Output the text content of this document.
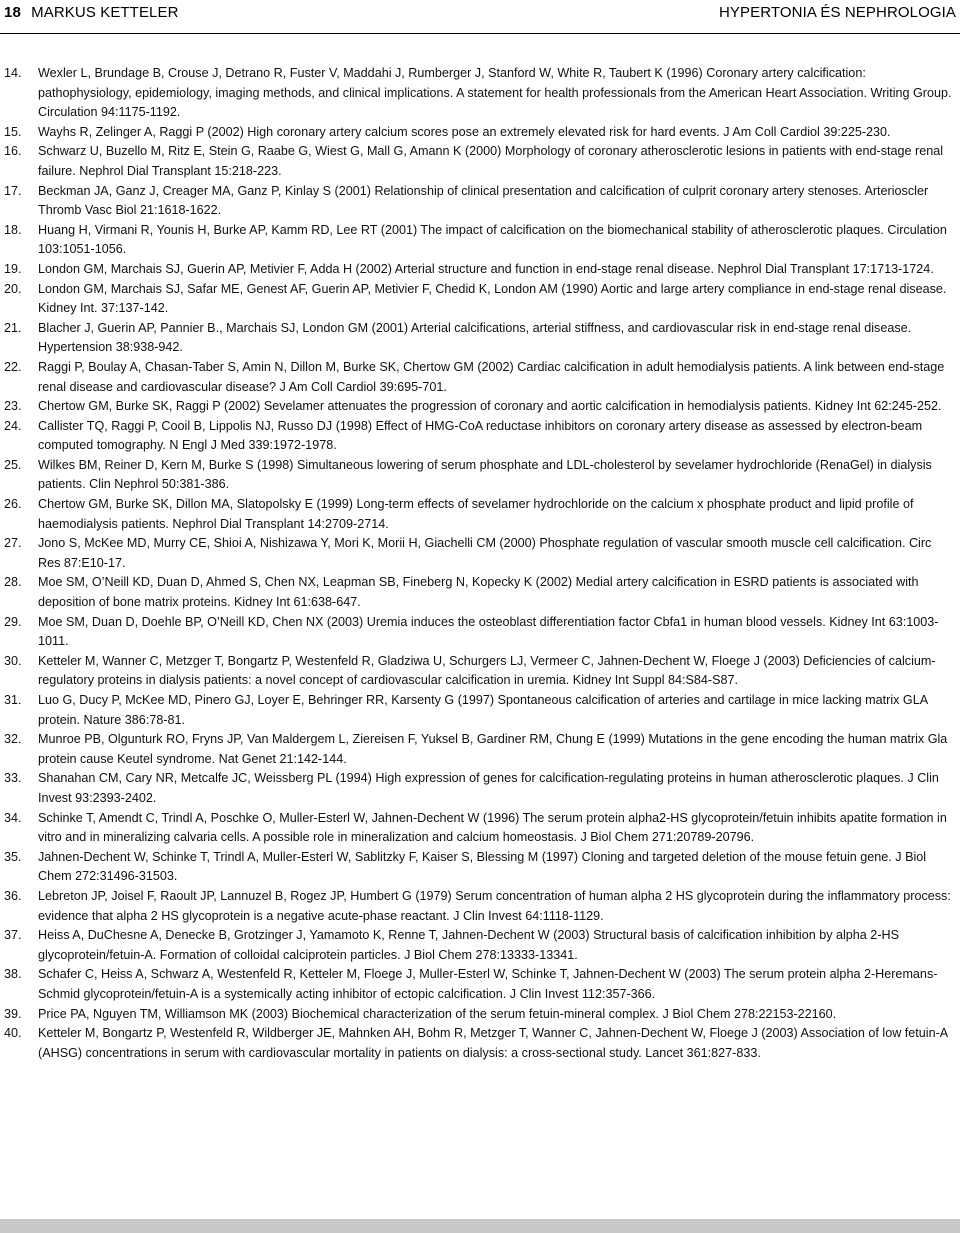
18 MARKUS KETTELER	HYPERTONIA ÉS NEPHROLOGIA
14.	Wexler L, Brundage B, Crouse J, Detrano R, Fuster V, Maddahi J, Rumberger J, Stanford W, White R, Taubert K (1996) Coronary artery calcification: pathophysiology, epidemiology, imaging methods, and clinical implications. A statement for health professionals from the American Heart Association. Writing Group. Circulation 94:1175-1192.
15.	Wayhs R, Zelinger A, Raggi P (2002) High coronary artery calcium scores pose an extremely elevated risk for hard events. J Am Coll Cardiol 39:225-230.
16.	Schwarz U, Buzello M, Ritz E, Stein G, Raabe G, Wiest G, Mall G, Amann K (2000) Morphology of coronary atherosclerotic lesions in patients with end-stage renal failure. Nephrol Dial Transplant 15:218-223.
17.	Beckman JA, Ganz J, Creager MA, Ganz P, Kinlay S (2001) Relationship of clinical presentation and calcification of culprit coronary artery stenoses. Arterioscler Thromb Vasc Biol 21:1618-1622.
18.	Huang H, Virmani R, Younis H, Burke AP, Kamm RD, Lee RT (2001) The impact of calcification on the biomechanical stability of atherosclerotic plaques. Circulation 103:1051-1056.
19.	London GM, Marchais SJ, Guerin AP, Metivier F, Adda H (2002) Arterial structure and function in end-stage renal disease. Nephrol Dial Transplant 17:1713-1724.
20.	London GM, Marchais SJ, Safar ME, Genest AF, Guerin AP, Metivier F, Chedid K, London AM (1990) Aortic and large artery compliance in end-stage renal disease. Kidney Int. 37:137-142.
21.	Blacher J, Guerin AP, Pannier B., Marchais SJ, London GM (2001) Arterial calcifications, arterial stiffness, and cardiovascular risk in end-stage renal disease. Hypertension 38:938-942.
22.	Raggi P, Boulay A, Chasan-Taber S, Amin N, Dillon M, Burke SK, Chertow GM (2002) Cardiac calcification in adult hemodialysis patients. A link between end-stage renal disease and cardiovascular disease? J Am Coll Cardiol 39:695-701.
23.	Chertow GM, Burke SK, Raggi P (2002) Sevelamer attenuates the progression of coronary and aortic calcification in hemodialysis patients. Kidney Int 62:245-252.
24.	Callister TQ, Raggi P, Cooil B, Lippolis NJ, Russo DJ (1998) Effect of HMG-CoA reductase inhibitors on coronary artery disease as assessed by electron-beam computed tomography. N Engl J Med 339:1972-1978.
25.	Wilkes BM, Reiner D, Kern M, Burke S (1998) Simultaneous lowering of serum phosphate and LDL-cholesterol by sevelamer hydrochloride (RenaGel) in dialysis patients. Clin Nephrol 50:381-386.
26.	Chertow GM, Burke SK, Dillon MA, Slatopolsky E (1999) Long-term effects of sevelamer hydrochloride on the calcium x phosphate product and lipid profile of haemodialysis patients. Nephrol Dial Transplant 14:2709-2714.
27.	Jono S, McKee MD, Murry CE, Shioi A, Nishizawa Y, Mori K, Morii H, Giachelli CM (2000) Phosphate regulation of vascular smooth muscle cell calcification. Circ Res 87:E10-17.
28.	Moe SM, O’Neill KD, Duan D, Ahmed S, Chen NX, Leapman SB, Fineberg N, Kopecky K (2002) Medial artery calcification in ESRD patients is associated with deposition of bone matrix proteins. Kidney Int 61:638-647.
29.	Moe SM, Duan D, Doehle BP, O’Neill KD, Chen NX (2003) Uremia induces the osteoblast differentiation factor Cbfa1 in human blood vessels. Kidney Int 63:1003-1011.
30.	Ketteler M, Wanner C, Metzger T, Bongartz P, Westenfeld R, Gladziwa U, Schurgers LJ, Vermeer C, Jahnen-Dechent W, Floege J (2003) Deficiencies of calcium-regulatory proteins in dialysis patients: a novel concept of cardiovascular calcification in uremia. Kidney Int Suppl 84:S84-S87.
31.	Luo G, Ducy P, McKee MD, Pinero GJ, Loyer E, Behringer RR, Karsenty G (1997) Spontaneous calcification of arteries and cartilage in mice lacking matrix GLA protein. Nature 386:78-81.
32.	Munroe PB, Olgunturk RO, Fryns JP, Van Maldergem L, Ziereisen F, Yuksel B, Gardiner RM, Chung E (1999) Mutations in the gene encoding the human matrix Gla protein cause Keutel syndrome. Nat Genet 21:142-144.
33.	Shanahan CM, Cary NR, Metcalfe JC, Weissberg PL (1994) High expression of genes for calcification-regulating proteins in human atherosclerotic plaques. J Clin Invest 93:2393-2402.
34.	Schinke T, Amendt C, Trindl A, Poschke O, Muller-Esterl W, Jahnen-Dechent W (1996) The serum protein alpha2-HS glycoprotein/fetuin inhibits apatite formation in vitro and in mineralizing calvaria cells. A possible role in mineralization and calcium homeostasis. J Biol Chem 271:20789-20796.
35.	Jahnen-Dechent W, Schinke T, Trindl A, Muller-Esterl W, Sablitzky F, Kaiser S, Blessing M (1997) Cloning and targeted deletion of the mouse fetuin gene. J Biol Chem 272:31496-31503.
36.	Lebreton JP, Joisel F, Raoult JP, Lannuzel B, Rogez JP, Humbert G (1979) Serum concentration of human alpha 2 HS glycoprotein during the inflammatory process: evidence that alpha 2 HS glycoprotein is a negative acute-phase reactant. J Clin Invest 64:1118-1129.
37.	Heiss A, DuChesne A, Denecke B, Grotzinger J, Yamamoto K, Renne T, Jahnen-Dechent W (2003) Structural basis of calcification inhibition by alpha 2-HS glycoprotein/fetuin-A. Formation of colloidal calciprotein particles. J Biol Chem 278:13333-13341.
38.	Schafer C, Heiss A, Schwarz A, Westenfeld R, Ketteler M, Floege J, Muller-Esterl W, Schinke T, Jahnen-Dechent W (2003) The serum protein alpha 2-Heremans-Schmid glycoprotein/fetuin-A is a systemically acting inhibitor of ectopic calcification. J Clin Invest 112:357-366.
39.	Price PA, Nguyen TM, Williamson MK (2003) Biochemical characterization of the serum fetuin-mineral complex. J Biol Chem 278:22153-22160.
40.	Ketteler M, Bongartz P, Westenfeld R, Wildberger JE, Mahnken AH, Bohm R, Metzger T, Wanner C, Jahnen-Dechent W, Floege J (2003) Association of low fetuin-A (AHSG) concentrations in serum with cardiovascular mortality in patients on dialysis: a cross-sectional study. Lancet 361:827-833.
